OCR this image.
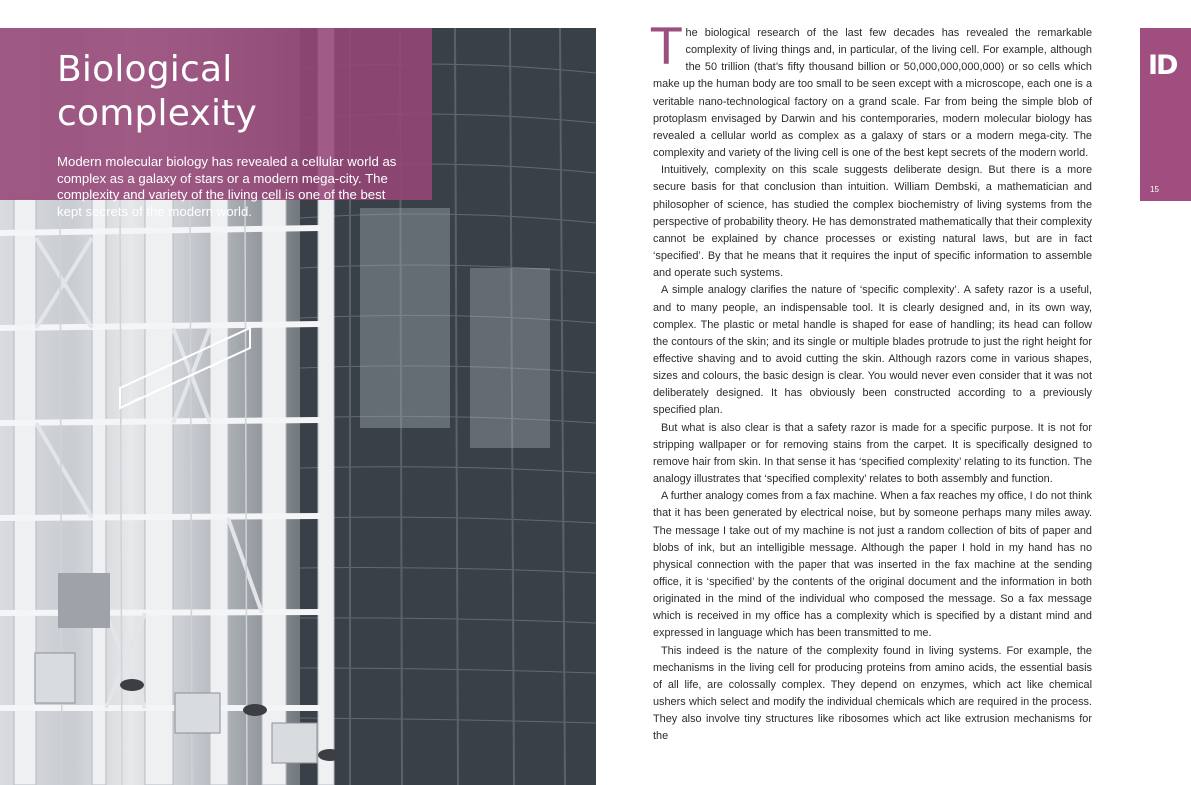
Biological complexity

Modern molecular biology has revealed a cellular world as complex as a galaxy of stars or a modern mega-city. The complexity and variety of the living cell is one of the best kept secrets of the modern world.

The biological research of the last few decades has revealed the remarkable complexity of living things and, in particular, of the living cell. For example, although the 50 trillion (that’s fifty thousand billion or 50,000,000,000,000) or so cells which make up the human body are too small to be seen except with a microscope, each one is a veritable nano-technological factory on a grand scale. Far from being the simple blob of protoplasm envisaged by Darwin and his contemporaries, modern molecular biology has revealed a cellular world as complex as a galaxy of stars or a modern mega-city. The complexity and variety of the living cell is one of the best kept secrets of the modern world.

Intuitively, complexity on this scale suggests deliberate design. But there is a more secure basis for that conclusion than intuition. William Dembski, a mathematician and philosopher of science, has studied the complex biochemistry of living systems from the perspective of probability theory. He has demonstrated mathematically that their complexity cannot be explained by chance processes or existing natural laws, but are in fact ‘specified’. By that he means that it requires the input of specific information to assemble and operate such systems.

A simple analogy clarifies the nature of ‘specific complexity’. A safety razor is a useful, and to many people, an indispensable tool. It is clearly designed and, in its own way, complex. The plastic or metal handle is shaped for ease of handling; its head can follow the contours of the skin; and its single or multiple blades protrude to just the right height for effective shaving and to avoid cutting the skin. Although razors come in various shapes, sizes and colours, the basic design is clear. You would never even consider that it was not deliberately designed. It has obviously been constructed according to a previously specified plan.

But what is also clear is that a safety razor is made for a specific purpose. It is not for stripping wallpaper or for removing stains from the carpet. It is specifically designed to remove hair from skin. In that sense it has ‘specified complexity’ relating to its function. The analogy illustrates that ‘specified complexity’ relates to both assembly and function.

A further analogy comes from a fax machine. When a fax reaches my office, I do not think that it has been generated by electrical noise, but by someone perhaps many miles away. The message I take out of my machine is not just a random collection of bits of paper and blobs of ink, but an intelligible message. Although the paper I hold in my hand has no physical connection with the paper that was inserted in the fax machine at the sending office, it is ‘specified’ by the contents of the original document and the information in both originated in the mind of the individual who composed the message. So a fax message which is received in my office has a complexity which is specified by a distant mind and expressed in language which has been transmitted to me.

This indeed is the nature of the complexity found in living systems. For example, the mechanisms in the living cell for producing proteins from amino acids, the essential basis of all life, are colossally complex. They depend on enzymes, which act like chemical ushers which select and modify the individual chemicals which are required in the process. They also involve tiny structures like ribosomes which act like extrusion mechanisms for the

ID
15
